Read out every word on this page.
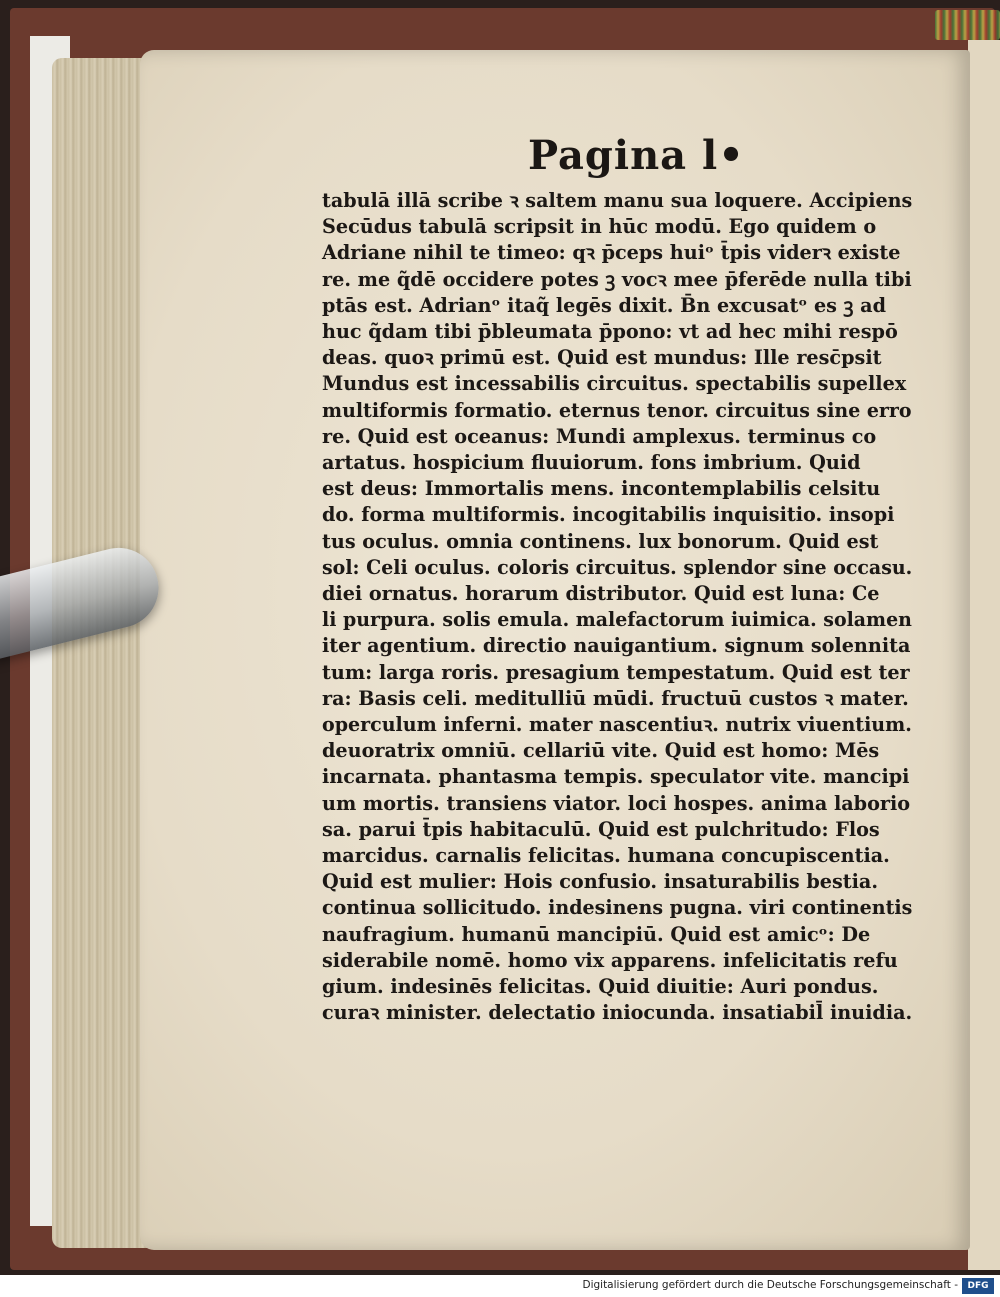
Pagina l•
tabulā illā scribe ꝛ saltem manu sua loquere. Accipiens
Secūdus tabulā scripsit in hūc modū. Ego quidem o
Adriane nihil te timeo: qꝛ p̄ceps huiᵒ t̄pis viderꝛ existe
re. me q̃dē occidere potes ꝫ vocꝛ mee p̄ferēde nulla tibi
ptās est. Adrianᵒ itaq̃ legēs dixit. B̄n excusatᵒ es ꝫ ad
huc q̃dam tibi p̄bleumata p̄pono: vt ad hec mihi respō
deas. quoꝛ primū est. Quid est mundus: Ille resc̄psit
Mundus est incessabilis circuitus. spectabilis supellex
multiformis formatio. eternus tenor. circuitus sine erro
re. Quid est oceanus: Mundi amplexus. terminus co
artatus. hospicium fluuiorum. fons imbrium. Quid
est deus: Immortalis mens. incontemplabilis celsitu
do. forma multiformis. incogitabilis inquisitio. insopi
tus oculus. omnia continens. lux bonorum. Quid est
sol: Celi oculus. coloris circuitus. splendor sine occasu.
diei ornatus. horarum distributor. Quid est luna: Ce
li purpura. solis emula. malefactorum iuimica. solamen
iter agentium. directio nauigantium. signum solennita
tum: larga roris. presagium tempestatum. Quid est ter
ra: Basis celi. meditulliū mūdi. fructuū custos ꝛ mater.
operculum inferni. mater nascentiuꝛ. nutrix viuentium.
deuoratrix omniū. cellariū vite. Quid est homo: Mēs
incarnata. phantasma tempis. speculator vite. mancipi
um mortis. transiens viator. loci hospes. anima laborio
sa. parui t̄pis habitaculū. Quid est pulchritudo: Flos
marcidus. carnalis felicitas. humana concupiscentia.
Quid est mulier: Hois confusio. insaturabilis bestia.
continua sollicitudo. indesinens pugna. viri continentis
naufragium. humanū mancipiū. Quid est amicᵒ: De
siderabile nomē. homo vix apparens. infelicitatis refu
gium. indesinēs felicitas. Quid diuitie: Auri pondus.
curaꝛ minister. delectatio iniocunda. insatiabil̄ inuidia.
Digitalisierung gefördert durch die Deutsche Forschungsgemeinschaft -	DFG
